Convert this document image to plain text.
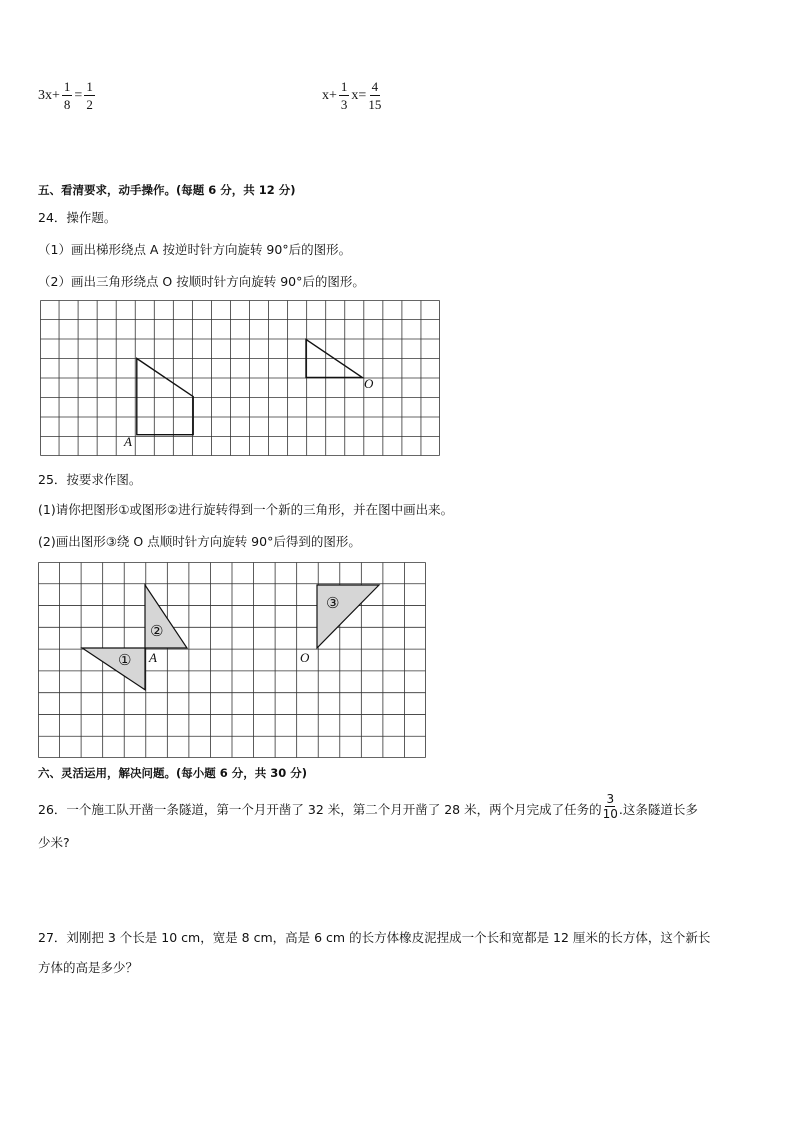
$3x+ \frac{1}{8} = \frac{1}{2}$	$x+ \frac{1}{3} x= \frac{4}{15}$
五、看清要求，动手操作。(每题 6 分，共 12 分)
24．操作题。
（1）画出梯形绕点 A 按逆时针方向旋转 90°后的图形。
（2）画出三角形绕点 O 按顺时针方向旋转 90°后的图形。
A
O
25．按要求作图。
(1)请你把图形①或图形②进行旋转得到一个新的三角形，并在图中画出来。
(2)画出图形③绕 O 点顺时针方向旋转 90°后得到的图形。
①
②
③
A	O
六、灵活运用，解决问题。(每小题 6 分，共 30 分)
26．一个施工队开凿一条隧道，第一个月开凿了 32 米，第二个月开凿了 28 米，两个月完成了任务的 $\frac{3}{10}$ .这条隧道长多
少米?
27．刘刚把 3 个长是 10 cm，宽是 8 cm，高是 6 cm 的长方体橡皮泥捏成一个长和宽都是 12 厘米的长方体，这个新长
方体的高是多少？
